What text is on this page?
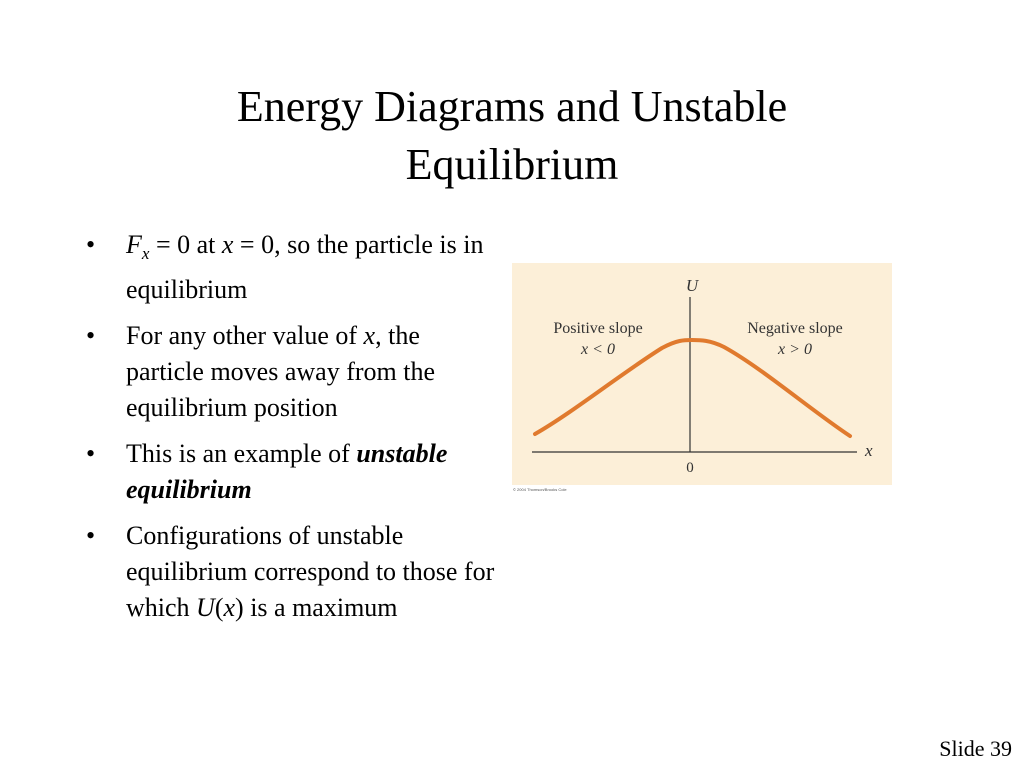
Energy Diagrams and Unstable
Equilibrium
• $F_x = 0$ at x = 0, so the particle is in equilibrium
• For any other value of x, the particle moves away from the equilibrium position
• This is an example of unstable equilibrium
• Configurations of unstable equilibrium correspond to those for which U(x) is a maximum
U
x
0
Positive slope
x < 0
Negative slope
x > 0
© 2004 Thomson/Brooks Cole
Slide 39
